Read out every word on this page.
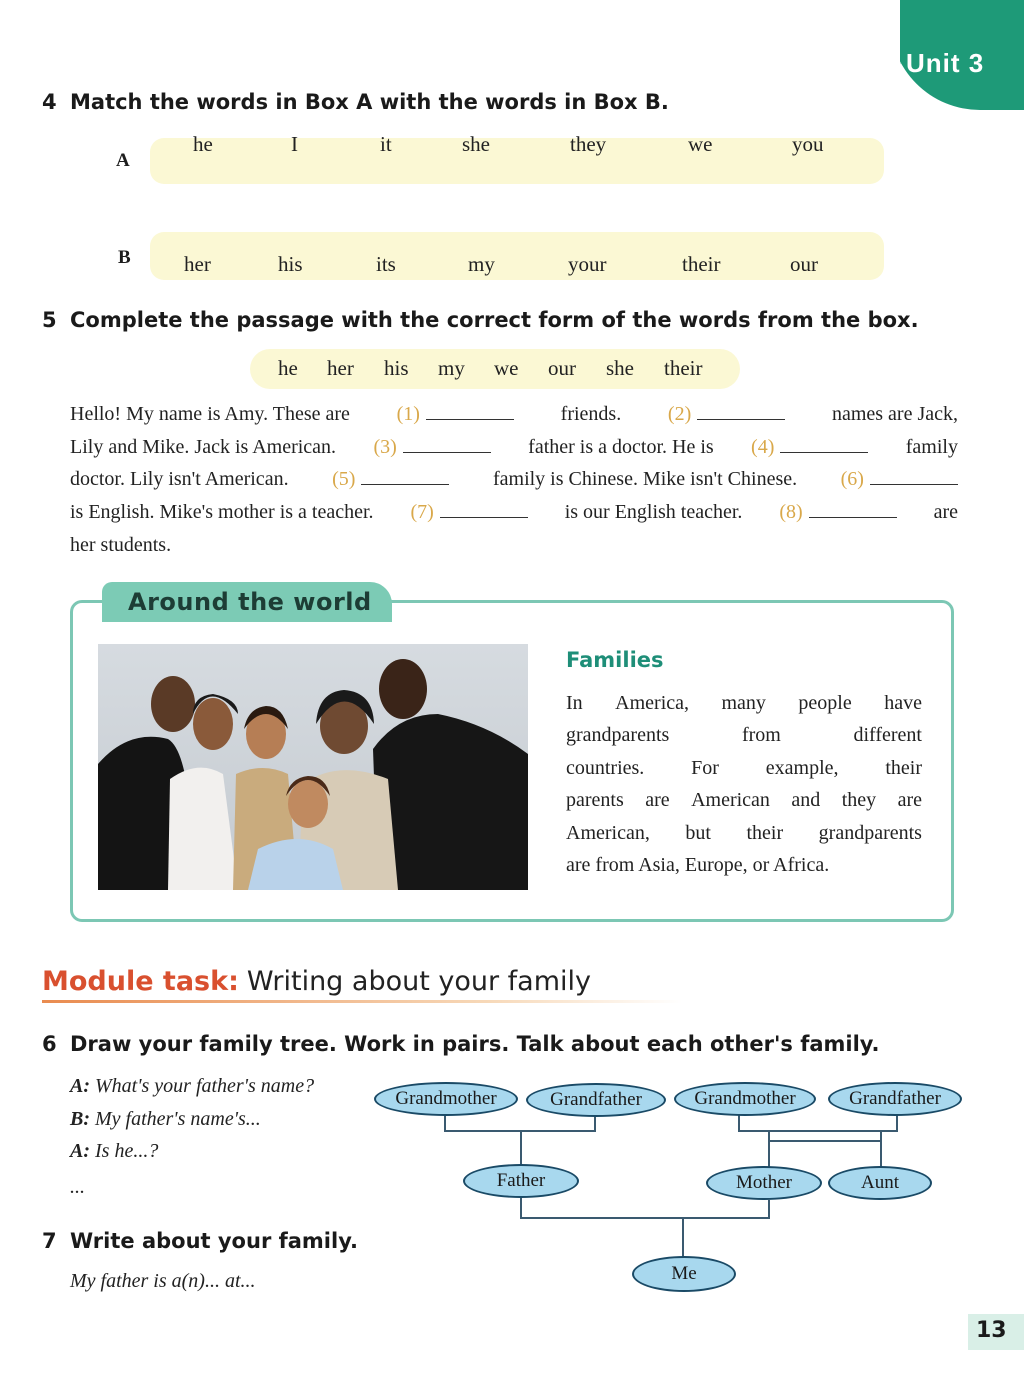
Unit 3
4 Match the words in Box A with the words in Box B.
A
he	I	it	she	they	we	you
B	her	his	its	my	your	their	our
5 Complete the passage with the correct form of the words from the box.
he her his my we our she their
Hello! My name is Amy. These are (1)	friends. (2)	names are Jack,
Lily and Mike. Jack is American. (3)	father is a doctor. He is (4)	family
doctor. Lily isn't American. (5)	family is Chinese. Mike isn't Chinese. (6)
is English. Mike's mother is a teacher. (7)	is our English teacher. (8)	are
her students.
Around the world
Families
In America, many people have
grandparents	from	different
countries. For example, their
parents are American and they are
American, but their grandparents
are from Asia, Europe, or Africa.
Module task: Writing about your family
6 Draw your family tree. Work in pairs. Talk about each other's family.
A: What's your father's name?
B: My father's name's...
A: Is he...?
...
Grandmother	Grandfather	Grandmother	Grandfather
Father	Mother	Aunt
Me
7 Write about your family.
My father is a(n)... at...
13
